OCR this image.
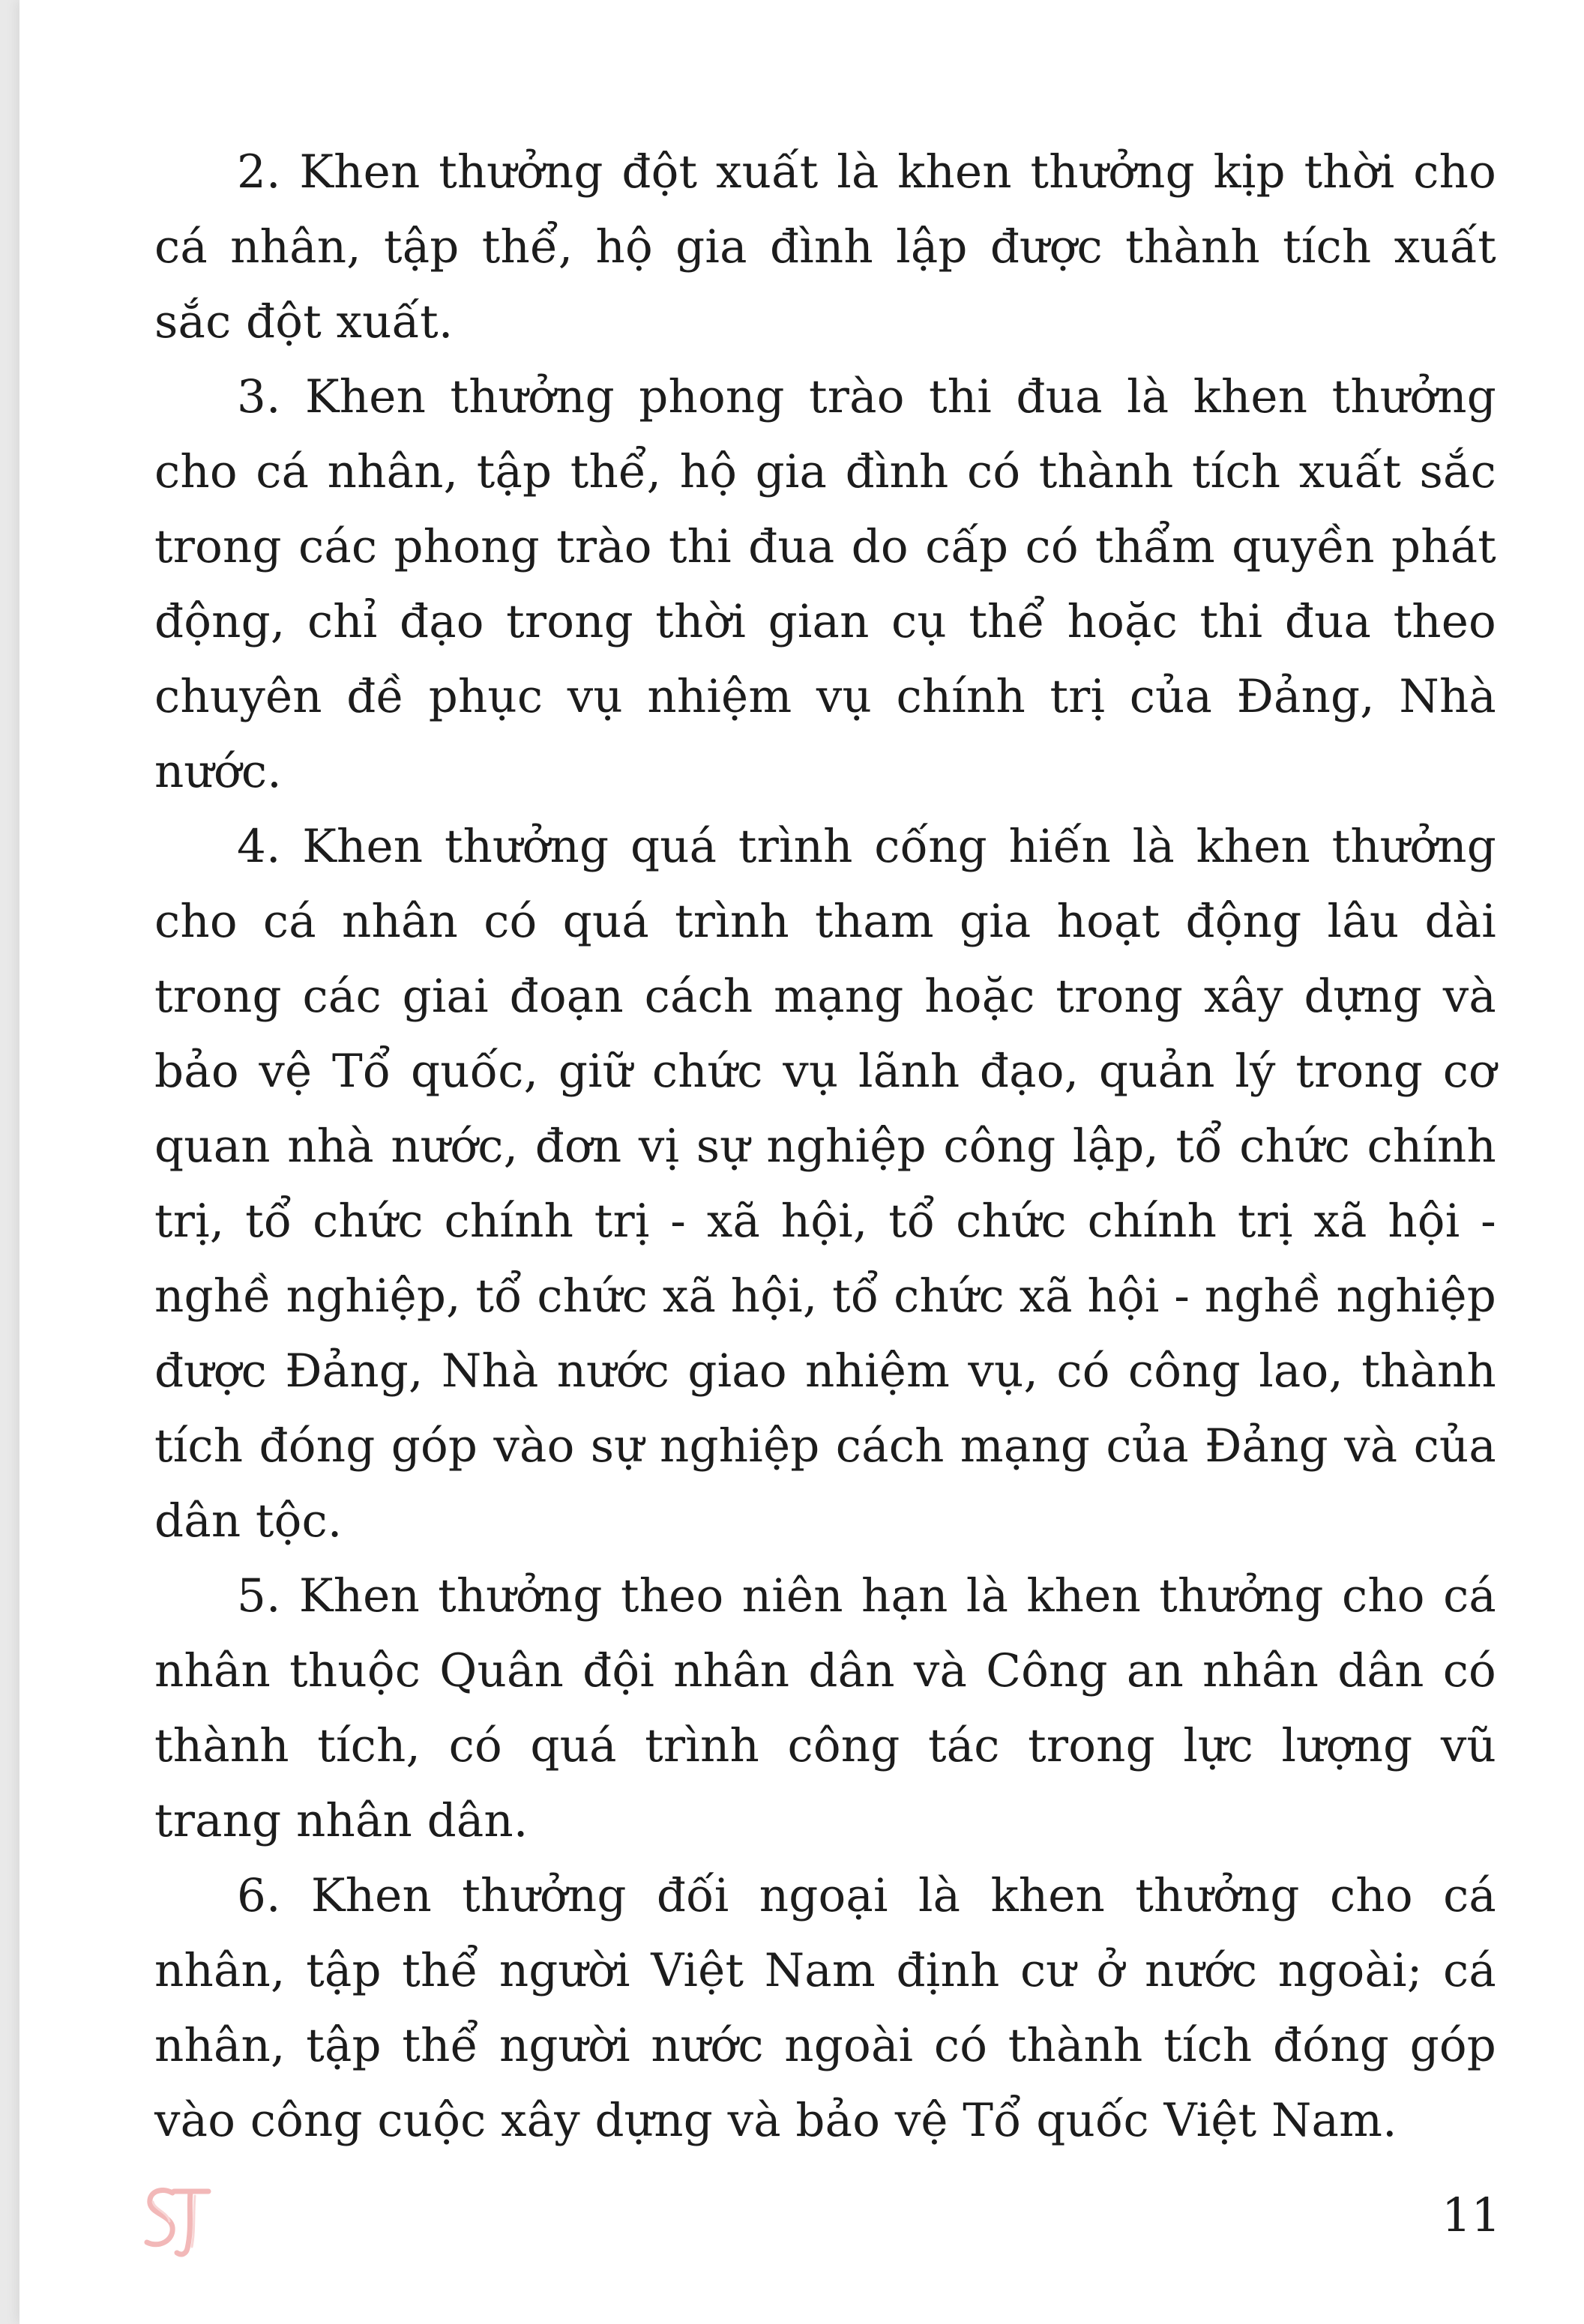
2. Khen thưởng đột xuất là khen thưởng kịp thời cho cá nhân, tập thể, hộ gia đình lập được thành tích xuất sắc đột xuất.

3. Khen thưởng phong trào thi đua là khen thưởng cho cá nhân, tập thể, hộ gia đình có thành tích xuất sắc trong các phong trào thi đua do cấp có thẩm quyền phát động, chỉ đạo trong thời gian cụ thể hoặc thi đua theo chuyên đề phục vụ nhiệm vụ chính trị của Đảng, Nhà nước.

4. Khen thưởng quá trình cống hiến là khen thưởng cho cá nhân có quá trình tham gia hoạt động lâu dài trong các giai đoạn cách mạng hoặc trong xây dựng và bảo vệ Tổ quốc, giữ chức vụ lãnh đạo, quản lý trong cơ quan nhà nước, đơn vị sự nghiệp công lập, tổ chức chính trị, tổ chức chính trị - xã hội, tổ chức chính trị xã hội - nghề nghiệp, tổ chức xã hội, tổ chức xã hội - nghề nghiệp được Đảng, Nhà nước giao nhiệm vụ, có công lao, thành tích đóng góp vào sự nghiệp cách mạng của Đảng và của dân tộc.

5. Khen thưởng theo niên hạn là khen thưởng cho cá nhân thuộc Quân đội nhân dân và Công an nhân dân có thành tích, có quá trình công tác trong lực lượng vũ trang nhân dân.

6. Khen thưởng đối ngoại là khen thưởng cho cá nhân, tập thể người Việt Nam định cư ở nước ngoài; cá nhân, tập thể người nước ngoài có thành tích đóng góp vào công cuộc xây dựng và bảo vệ Tổ quốc Việt Nam.

11
